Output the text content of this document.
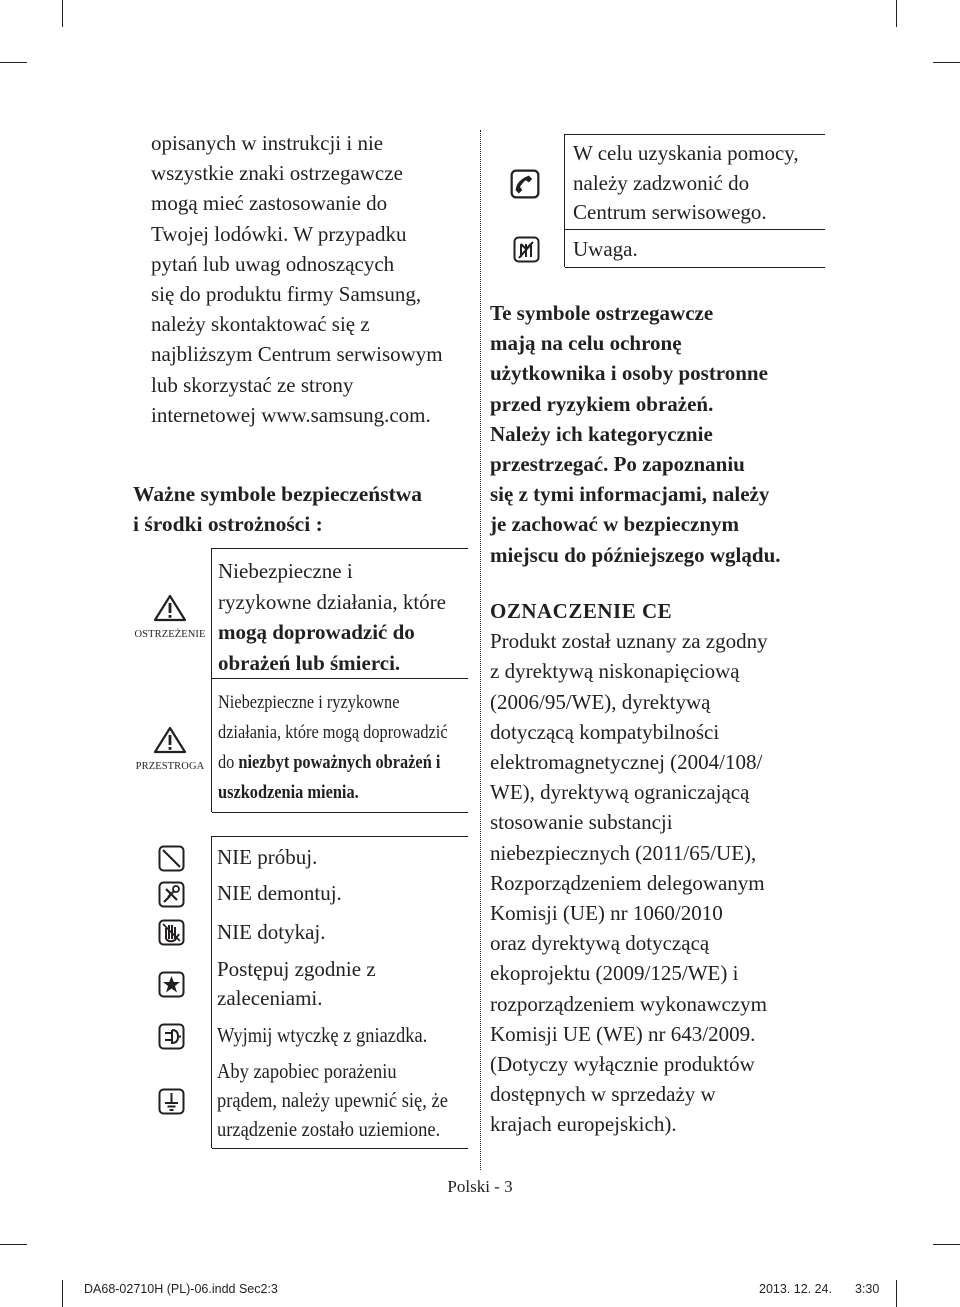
opisanych w instrukcji i nie
wszystkie znaki ostrzegawcze
mogą mieć zastosowanie do
Twojej lodówki. W przypadku
pytań lub uwag odnoszących
się do produktu firmy Samsung,
należy skontaktować się z
najbliższym Centrum serwisowym
lub skorzystać ze strony
internetowej www.samsung.com.
Ważne symbole bezpieczeństwa
i środki ostrożności :
OSTRZEŻENIE
Niebezpieczne i
ryzykowne działania, które
mogą doprowadzić do
obrażeń lub śmierci.
PRZESTROGA
Niebezpieczne i ryzykowne
działania, które mogą doprowadzić
do niezbyt poważnych obrażeń i
uszkodzenia mienia.
NIE próbuj.
NIE demontuj.
NIE dotykaj.
Postępuj zgodnie z
zaleceniami.
Wyjmij wtyczkę z gniazdka.
Aby zapobiec porażeniu
prądem, należy upewnić się, że
urządzenie zostało uziemione.
W celu uzyskania pomocy,
należy zadzwonić do
Centrum serwisowego.
Uwaga.
Te symbole ostrzegawcze
mają na celu ochronę
użytkownika i osoby postronne
przed ryzykiem obrażeń.
Należy ich kategorycznie
przestrzegać. Po zapoznaniu
się z tymi informacjami, należy
je zachować w bezpiecznym
miejscu do późniejszego wglądu.
OZNACZENIE CE
Produkt został uznany za zgodny
z dyrektywą niskonapięciową
(2006/95/WE), dyrektywą
dotyczącą kompatybilności
elektromagnetycznej (2004/108/
WE), dyrektywą ograniczającą
stosowanie substancji
niebezpiecznych (2011/65/UE),
Rozporządzeniem delegowanym
Komisji (UE) nr 1060/2010
oraz dyrektywą dotyczącą
ekoprojektu (2009/125/WE) i
rozporządzeniem wykonawczym
Komisji UE (WE) nr 643/2009.
(Dotyczy wyłącznie produktów
dostępnych w sprzedaży w
krajach europejskich).
Polski - 3
DA68-02710H (PL)-06.indd Sec2:3	2013. 12. 24. 3:30
